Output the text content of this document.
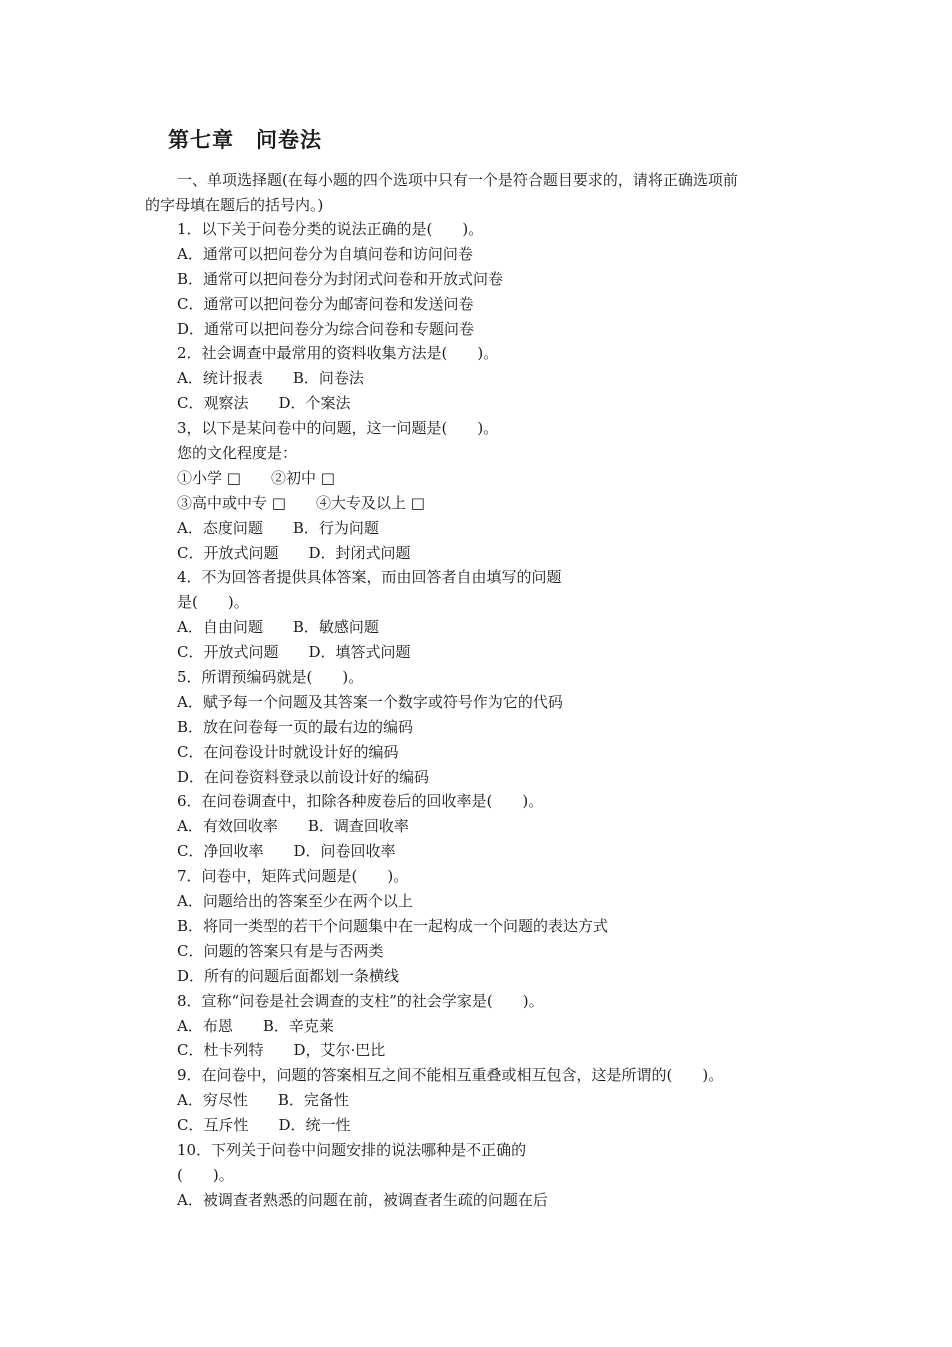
第七章　问卷法
一、单项选择题(在每小题的四个选项中只有一个是符合题目要求的，请将正确选项前
的字母填在题后的括号内。)
1．以下关于问卷分类的说法正确的是(　　)。
A．通常可以把问卷分为自填问卷和访问问卷
B．通常可以把问卷分为封闭式问卷和开放式问卷
C．通常可以把问卷分为邮寄问卷和发送问卷
D．通常可以把问卷分为综合问卷和专题问卷
2．社会调查中最常用的资料收集方法是(　　)。
A．统计报表　　B．问卷法
C．观察法　　D．个案法
3，以下是某问卷中的问题，这一问题是(　　)。
您的文化程度是：
①小学 □　　②初中 □
③高中或中专 □　　④大专及以上 □
A．态度问题　　B．行为问题
C．开放式问题　　D．封闭式问题
4．不为回答者提供具体答案，而由回答者自由填写的问题
是(　　)。
A．自由问题　　B．敏感问题
C．开放式问题　　D．填答式问题
5．所谓预编码就是(　　)。
A．赋予每一个问题及其答案一个数字或符号作为它的代码
B．放在问卷每一页的最右边的编码
C．在问卷设计时就设计好的编码
D．在问卷资料登录以前设计好的编码
6．在问卷调查中，扣除各种废卷后的回收率是(　　)。
A．有效回收率　　B．调查回收率
C．净回收率　　D．问卷回收率
7．问卷中，矩阵式问题是(　　)。
A．问题给出的答案至少在两个以上
B．将同一类型的若干个问题集中在一起构成一个问题的表达方式
C．问题的答案只有是与否两类
D．所有的问题后面都划一条横线
8．宣称“问卷是社会调查的支柱”的社会学家是(　　)。
A．布恩　　B．辛克莱
C．杜卡列特　　D，艾尔·巴比
9．在问卷中，问题的答案相互之间不能相互重叠或相互包含，这是所谓的(　　)。
A．穷尽性　　B．完备性
C．互斥性　　D．统一性
10．下列关于问卷中问题安排的说法哪种是不正确的
(　　)。
A．被调查者熟悉的问题在前，被调查者生疏的问题在后
